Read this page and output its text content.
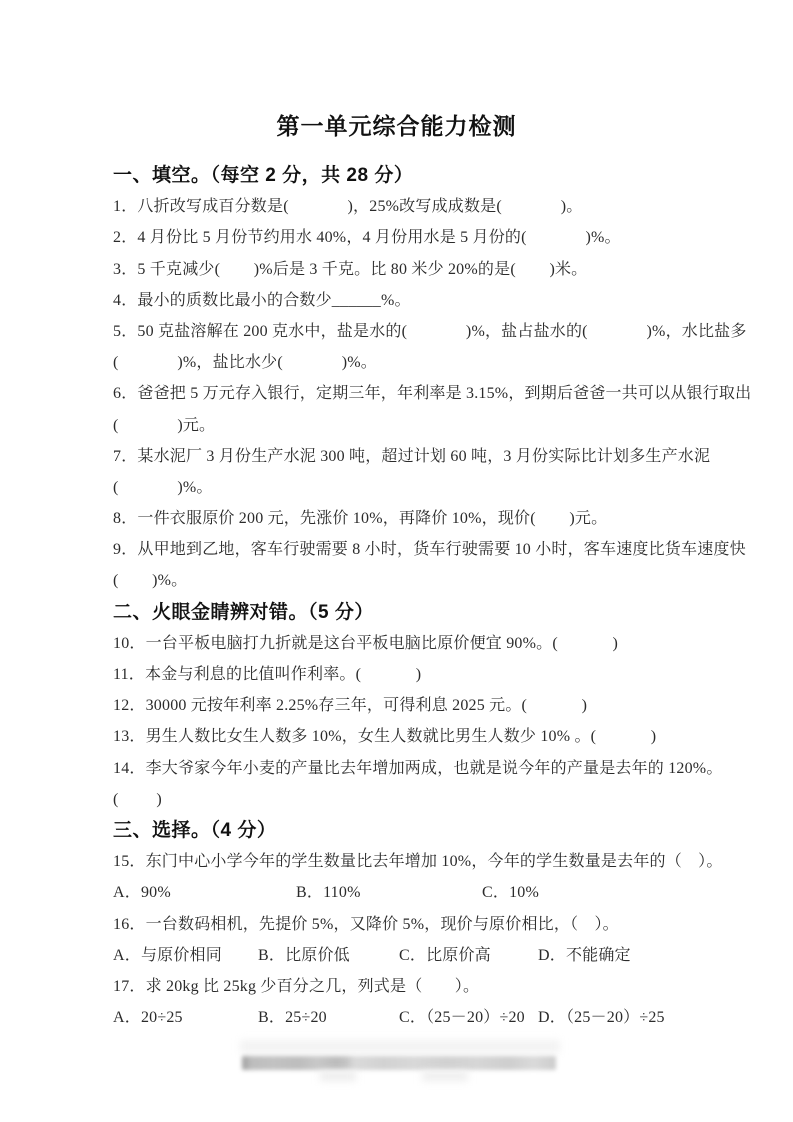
第一单元综合能力检测
一、填空。（每空 2 分，共 28 分）
1．八折改写成百分数是(              )，25%改写成成数是(              )。
2．4 月份比 5 月份节约用水 40%，4 月份用水是 5 月份的(              )%。
3．5 千克减少(        )%后是 3 千克。比 80 米少 20%的是(        )米。
4．最小的质数比最小的合数少______%。
5．50 克盐溶解在 200 克水中，盐是水的(              )%，盐占盐水的(              )%，水比盐多
(              )%，盐比水少(              )%。
6．爸爸把 5 万元存入银行，定期三年，年利率是 3.15%，到期后爸爸一共可以从银行取出
(              )元。
7．某水泥厂 3 月份生产水泥 300 吨，超过计划 60 吨，3 月份实际比计划多生产水泥
(              )%。
8．一件衣服原价 200 元，先涨价 10%，再降价 10%，现价(        )元。
9．从甲地到乙地，客车行驶需要 8 小时，货车行驶需要 10 小时，客车速度比货车速度快
(        )%。
二、火眼金睛辨对错。（5 分）
10．一台平板电脑打九折就是这台平板电脑比原价便宜 90%。(             )
11．本金与利息的比值叫作利率。(             )
12．30000 元按年利率 2.25%存三年，可得利息 2025 元。(             )
13．男生人数比女生人数多 10%，女生人数就比男生人数少 10% 。(             )
14．李大爷家今年小麦的产量比去年增加两成，也就是说今年的产量是去年的 120%。
(         )
三、选择。（4 分）
15．东门中心小学今年的学生数量比去年增加 10%，今年的学生数量是去年的（　）。
A．90%	B．110%	C．10%
16．一台数码相机，先提价 5%，又降价 5%，现价与原价相比，（　）。
A．与原价相同	B．比原价低	C．比原价高	D．不能确定
17．求 20kg 比 25kg 少百分之几，列式是（　　）。
A．20÷25	B．25÷20	C．（25－20）÷20 D．（25－20）÷25
